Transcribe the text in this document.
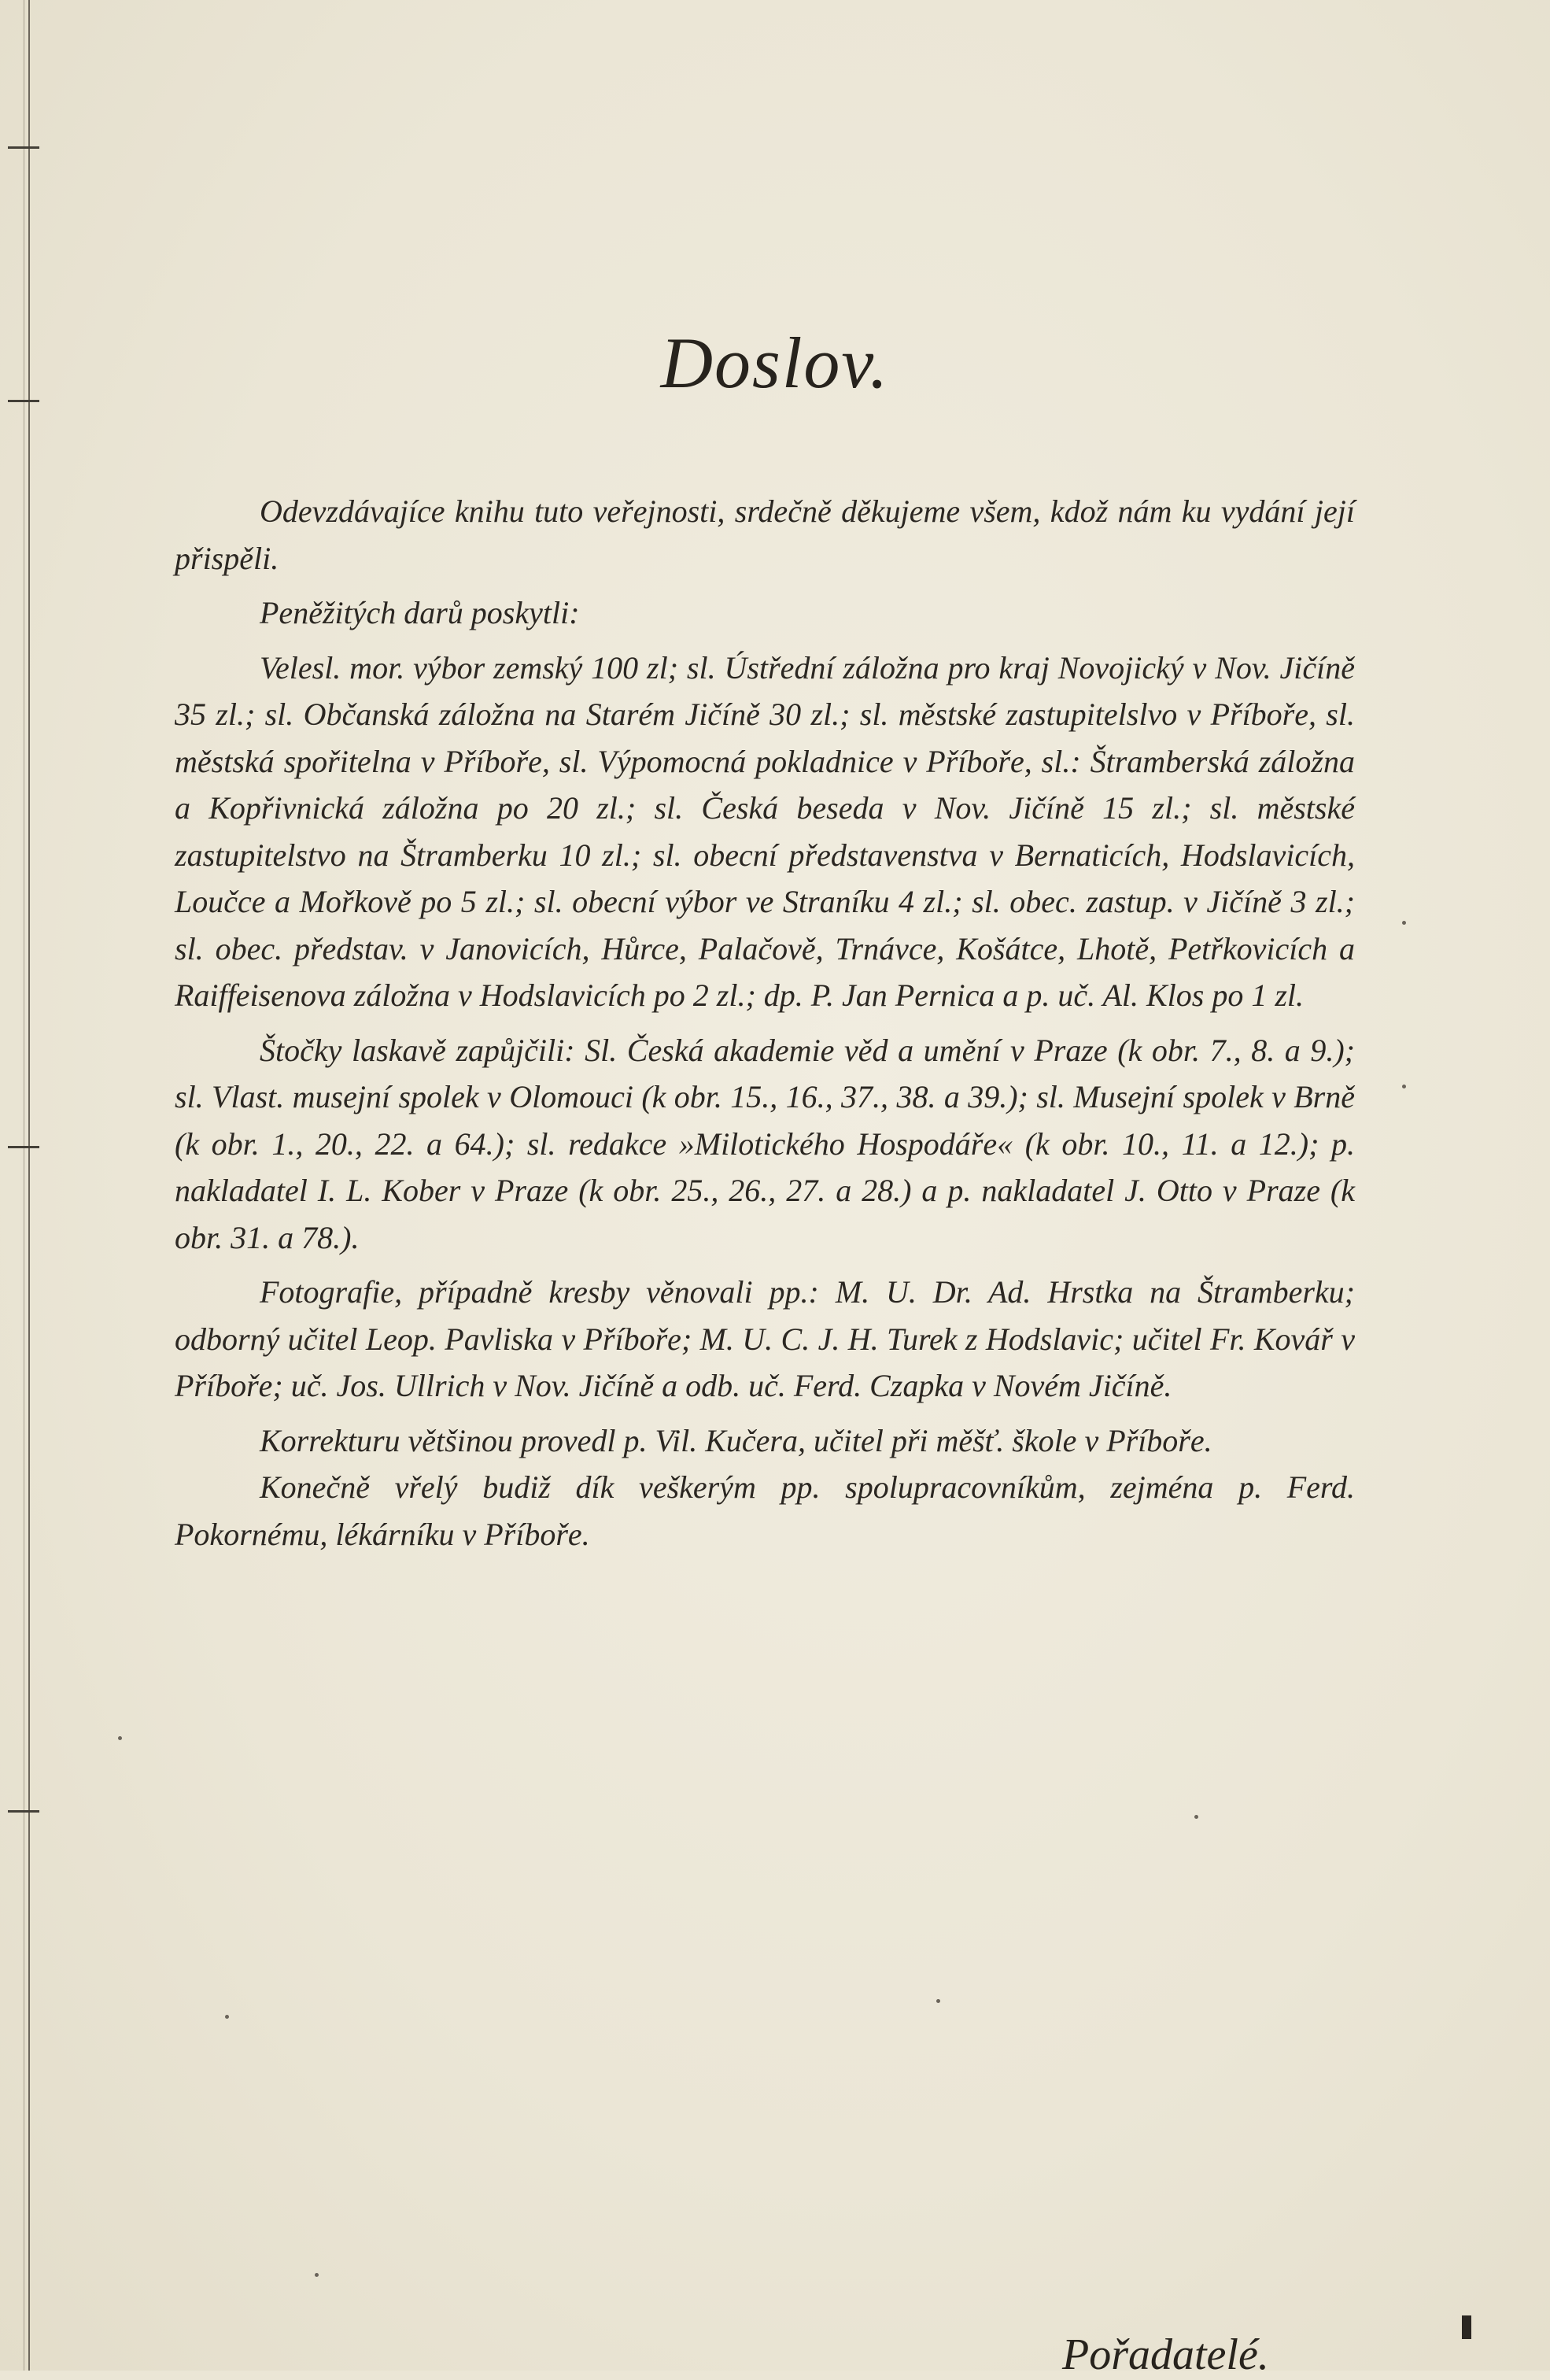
Doslov.

Odevzdávajíce knihu tuto veřejnosti, srdečně děkujeme všem, kdož nám ku vydání její přispěli.

Peněžitých darů poskytli:

Velesl. mor. výbor zemský 100 zl; sl. Ústřední záložna pro kraj Novojický v Nov. Jičíně 35 zl.; sl. Občanská záložna na Starém Jičíně 30 zl.; sl. městské zastupitelslvo v Příboře, sl. městská spořitelna v Příboře, sl. Výpomocná pokladnice v Příboře, sl.: Štramberská záložna a Kopřivnická záložna po 20 zl.; sl. Česká beseda v Nov. Jičíně 15 zl.; sl. městské zastupitelstvo na Štramberku 10 zl.; sl. obecní představenstva v Bernaticích, Hodslavicích, Loučce a Mořkově po 5 zl.; sl. obecní výbor ve Straníku 4 zl.; sl. obec. zastup. v Jičíně 3 zl.; sl. obec. představ. v Janovicích, Hůrce, Palačově, Trnávce, Košátce, Lhotě, Petřkovicích a Raiffeisenova záložna v Hodslavicích po 2 zl.; dp. P. Jan Pernica a p. uč. Al. Klos po 1 zl.

Štočky laskavě zapůjčili: Sl. Česká akademie věd a umění v Praze (k obr. 7., 8. a 9.); sl. Vlast. musejní spolek v Olomouci (k obr. 15., 16., 37., 38. a 39.); sl. Musejní spolek v Brně (k obr. 1., 20., 22. a 64.); sl. redakce »Milotického Hospodáře« (k obr. 10., 11. a 12.); p. nakladatel I. L. Kober v Praze (k obr. 25., 26., 27. a 28.) a p. nakladatel J. Otto v Praze (k obr. 31. a 78.).

Fotografie, případně kresby věnovali pp.: M. U. Dr. Ad. Hrstka na Štramberku; odborný učitel Leop. Pavliska v Příboře; M. U. C. J. H. Turek z Hodslavic; učitel Fr. Kovář v Příboře; uč. Jos. Ullrich v Nov. Jičíně a odb. uč. Ferd. Czapka v Novém Jičíně.

Korrekturu většinou provedl p. Vil. Kučera, učitel při měšť. škole v Příboře.

Konečně vřelý budiž dík veškerým pp. spolupracovníkům, zejména p. Ferd. Pokornému, lékárníku v Příboře.

Pořadatelé.
